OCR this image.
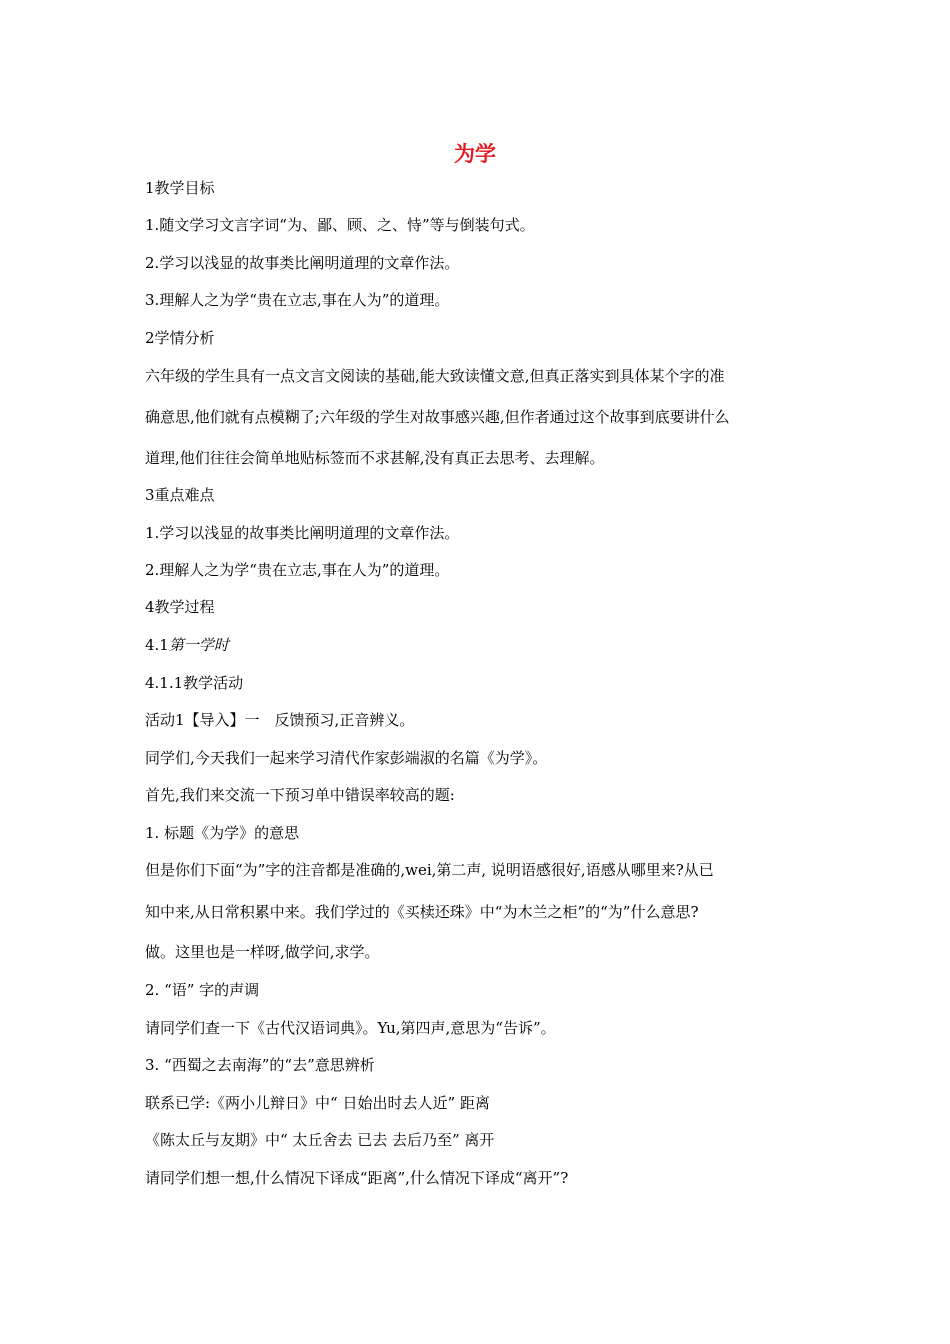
为学
1教学目标
1.随文学习文言字词“为、鄙、顾、之、恃”等与倒装句式。
2.学习以浅显的故事类比阐明道理的文章作法。
3.理解人之为学“贵在立志,事在人为”的道理。
2学情分析
六年级的学生具有一点文言文阅读的基础,能大致读懂文意,但真正落实到具体某个字的准
确意思,他们就有点模糊了;六年级的学生对故事感兴趣,但作者通过这个故事到底要讲什么
道理,他们往往会简单地贴标签而不求甚解,没有真正去思考、去理解。
3重点难点
1.学习以浅显的故事类比阐明道理的文章作法。
2.理解人之为学“贵在立志,事在人为”的道理。
4教学过程
4.1第一学时
4.1.1教学活动
活动1【导入】一　反馈预习,正音辨义。
同学们,今天我们一起来学习清代作家彭端淑的名篇《为学》。
首先,我们来交流一下预习单中错误率较高的题:
1. 标题《为学》的意思
但是你们下面“为”字的注音都是准确的,wei,第二声, 说明语感很好,语感从哪里来?从已
知中来,从日常积累中来。我们学过的《买椟还珠》中“为木兰之柜”的“为”什么意思?
做。这里也是一样呀,做学问,求学。
2. “语” 字的声调
请同学们查一下《古代汉语词典》。Yu,第四声,意思为“告诉”。
3. “西蜀之去南海”的“去”意思辨析
联系已学:《两小儿辩日》中“ 日始出时去人近” 距离
《陈太丘与友期》中“ 太丘舍去 已去 去后乃至” 离开
请同学们想一想,什么情况下译成“距离”,什么情况下译成“离开”?
